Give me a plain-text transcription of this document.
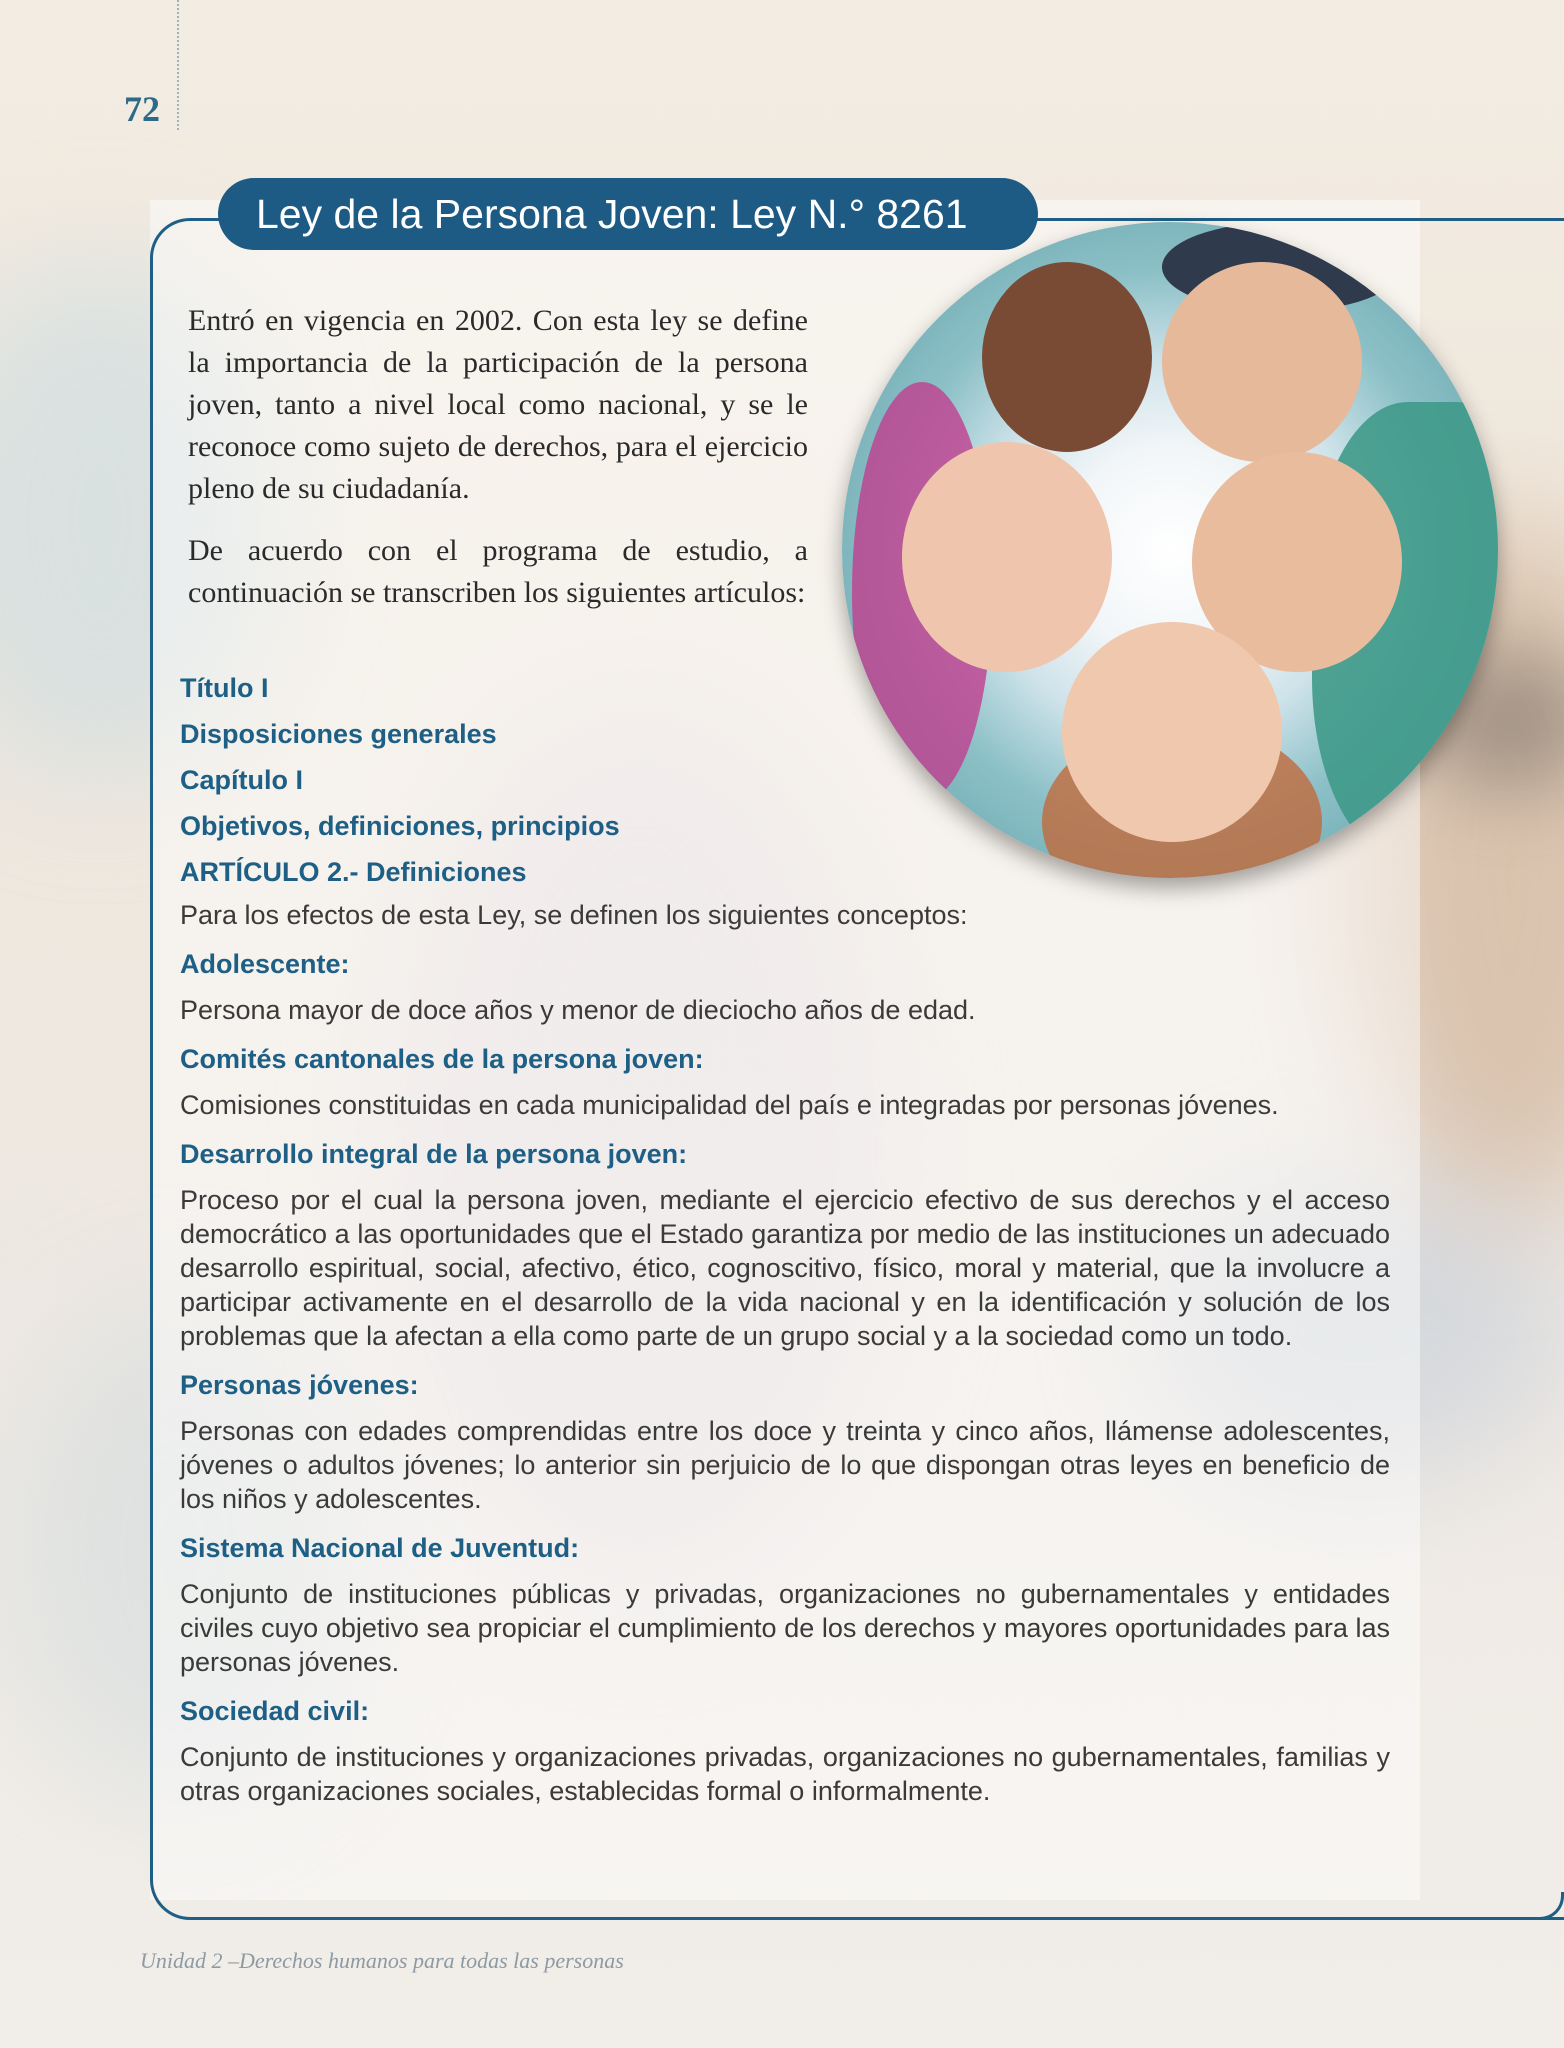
72
Ley de la Persona Joven: Ley N.° 8261

Entró en vigencia en 2002. Con esta ley se define la importancia de la participación de la persona joven, tanto a nivel local como nacional, y se le reconoce como sujeto de derechos, para el ejercicio pleno de su ciudadanía.

De acuerdo con el programa de estudio, a continuación se transcriben los siguientes artículos:

Título I
Disposiciones generales
Capítulo I
Objetivos, definiciones, principios
ARTÍCULO 2.- Definiciones
Para los efectos de esta Ley, se definen los siguientes conceptos:
Adolescente:
Persona mayor de doce años y menor de dieciocho años de edad.
Comités cantonales de la persona joven:
Comisiones constituidas en cada municipalidad del país e integradas por personas jóvenes.
Desarrollo integral de la persona joven:
Proceso por el cual la persona joven, mediante el ejercicio efectivo de sus derechos y el acceso democrático a las oportunidades que el Estado garantiza por medio de las instituciones un adecuado desarrollo espiritual, social, afectivo, ético, cognoscitivo, físico, moral y material, que la involucre a participar activamente en el desarrollo de la vida nacional y en la identificación y solución de los problemas que la afectan a ella como parte de un grupo social y a la sociedad como un todo.
Personas jóvenes:
Personas con edades comprendidas entre los doce y treinta y cinco años, llámense adolescentes, jóvenes o adultos jóvenes; lo anterior sin perjuicio de lo que dispongan otras leyes en beneficio de los niños y adolescentes.
Sistema Nacional de Juventud:
Conjunto de instituciones públicas y privadas, organizaciones no gubernamentales y entidades civiles cuyo objetivo sea propiciar el cumplimiento de los derechos y mayores oportunidades para las personas jóvenes.
Sociedad civil:
Conjunto de instituciones y organizaciones privadas, organizaciones no gubernamentales, familias y otras organizaciones sociales, establecidas formal o informalmente.
Unidad 2 –Derechos humanos para todas las personas
